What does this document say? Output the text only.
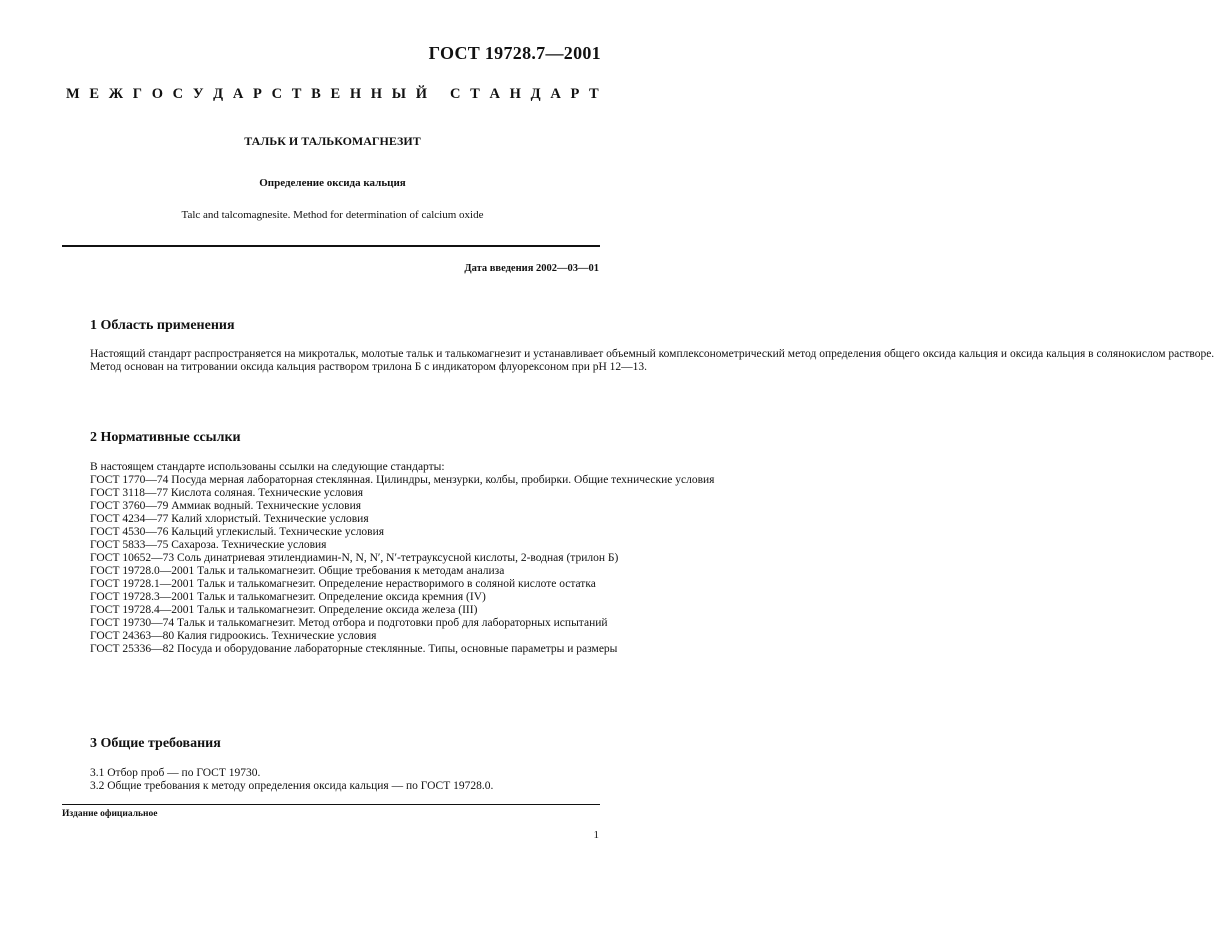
ГОСТ 19728.7—2001
М Е Ж Г О С У Д А Р С Т В Е Н Н Ы Й
С Т А Н Д А Р Т
ТАЛЬК И ТАЛЬКОМАГНЕЗИТ
Определение оксида кальция
Talc and talcomagnesite. Method for determination of calcium oxide
Дата введения 2002—03—01
1 Область применения

Настоящий стандарт распространяется на микротальк, молотые тальк и талькомагнезит и устанавливает объемный комплексонометрический метод определения общего оксида кальция и оксида кальция в солянокислом растворе.

Метод основан на титровании оксида кальция раствором трилона Б с индикатором флуорексоном при pH 12—13.

2 Нормативные ссылки

В настоящем стандарте использованы ссылки на следующие стандарты:

ГОСТ 1770—74 Посуда мерная лабораторная стеклянная. Цилиндры, мензурки, колбы, пробирки. Общие технические условия

ГОСТ 3118—77 Кислота соляная. Технические условия

ГОСТ 3760—79 Аммиак водный. Технические условия

ГОСТ 4234—77 Калий хлористый. Технические условия

ГОСТ 4530—76 Кальций углекислый. Технические условия

ГОСТ 5833—75 Сахароза. Технические условия

ГОСТ 10652—73 Соль динатриевая этилендиамин-N, N, N′, N′-тетрауксусной кислоты, 2-водная (трилон Б)

ГОСТ 19728.0—2001 Тальк и талькомагнезит. Общие требования к методам анализа

ГОСТ 19728.1—2001 Тальк и талькомагнезит. Определение нерастворимого в соляной кислоте остатка

ГОСТ 19728.3—2001 Тальк и талькомагнезит. Определение оксида кремния (IV)

ГОСТ 19728.4—2001 Тальк и талькомагнезит. Определение оксида железа (III)

ГОСТ 19730—74 Тальк и талькомагнезит. Метод отбора и подготовки проб для лабораторных испытаний

ГОСТ 24363—80 Калия гидроокись. Технические условия

ГОСТ 25336—82 Посуда и оборудование лабораторные стеклянные. Типы, основные параметры и размеры

3 Общие требования

3.1 Отбор проб — по ГОСТ 19730.

3.2 Общие требования к методу определения оксида кальция — по ГОСТ 19728.0.

Издание официальное
1
